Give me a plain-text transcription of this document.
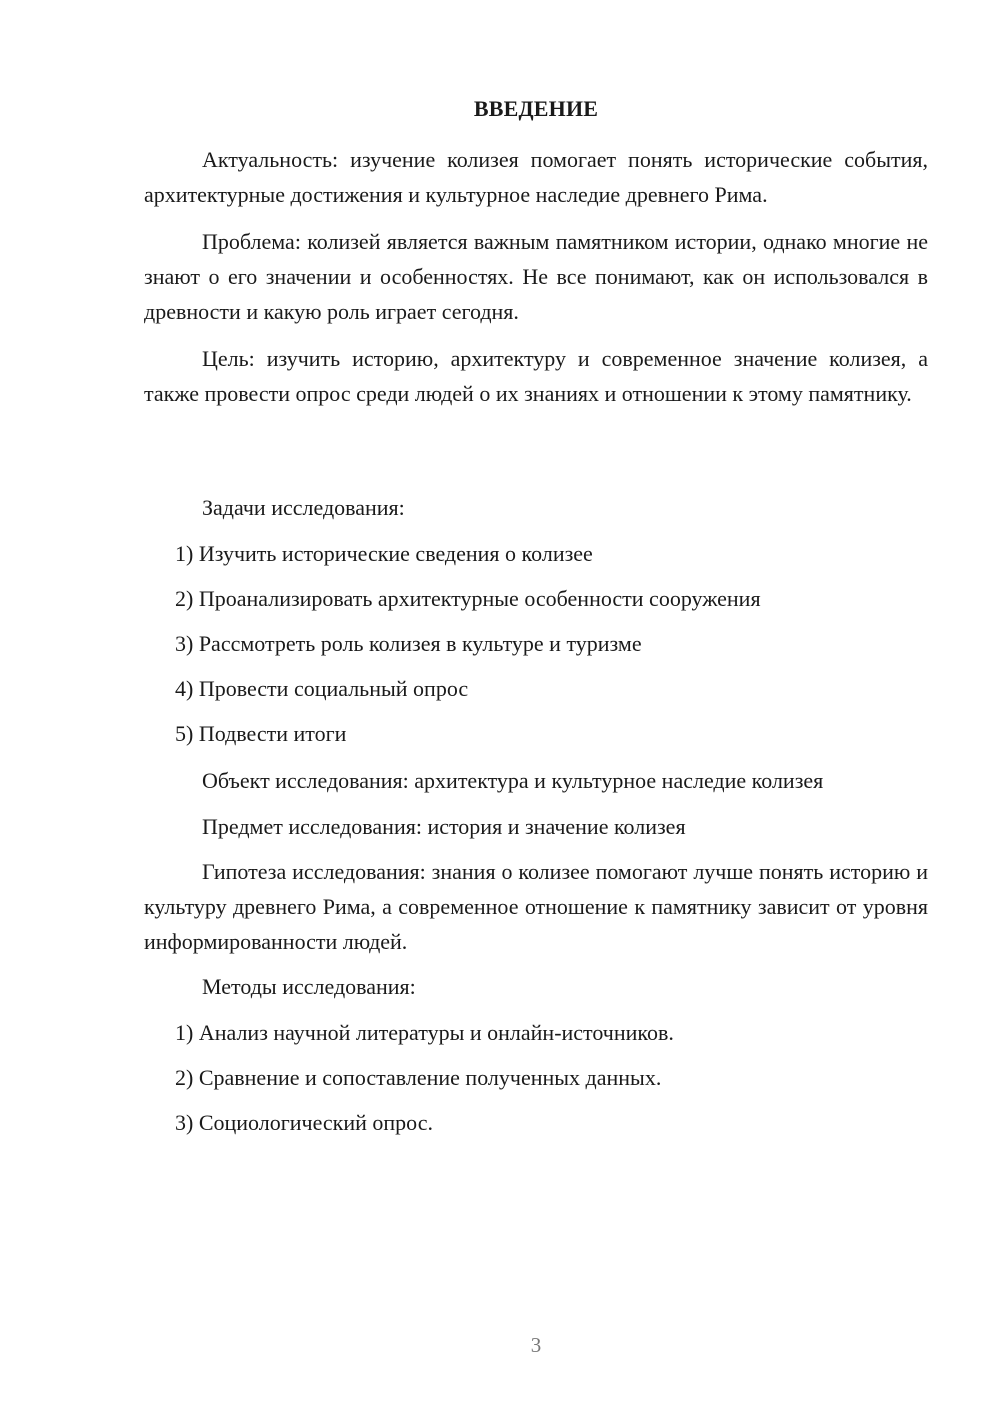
ВВЕДЕНИЕ

Актуальность: изучение колизея помогает понять исторические события, архитектурные достижения и культурное наследие древнего Рима.

Проблема: колизей является важным памятником истории, однако многие не знают о его значении и особенностях. Не все понимают, как он использовался в древности и какую роль играет сегодня.

Цель: изучить историю, архитектуру и современное значение колизея, а также провести опрос среди людей о их знаниях и отношении к этому памятнику.

Задачи исследования:

1) Изучить исторические сведения о колизее

2) Проанализировать архитектурные особенности сооружения

3) Рассмотреть роль колизея в культуре и туризме

4) Провести социальный опрос

5) Подвести итоги

Объект исследования: архитектура и культурное наследие колизея

Предмет исследования: история и значение колизея

Гипотеза исследования: знания о колизее помогают лучше понять историю и культуру древнего Рима, а современное отношение к памятнику зависит от уровня информированности людей.

Методы исследования:

1) Анализ научной литературы и онлайн-источников.

2) Сравнение и сопоставление полученных данных.

3) Социологический опрос.

3
